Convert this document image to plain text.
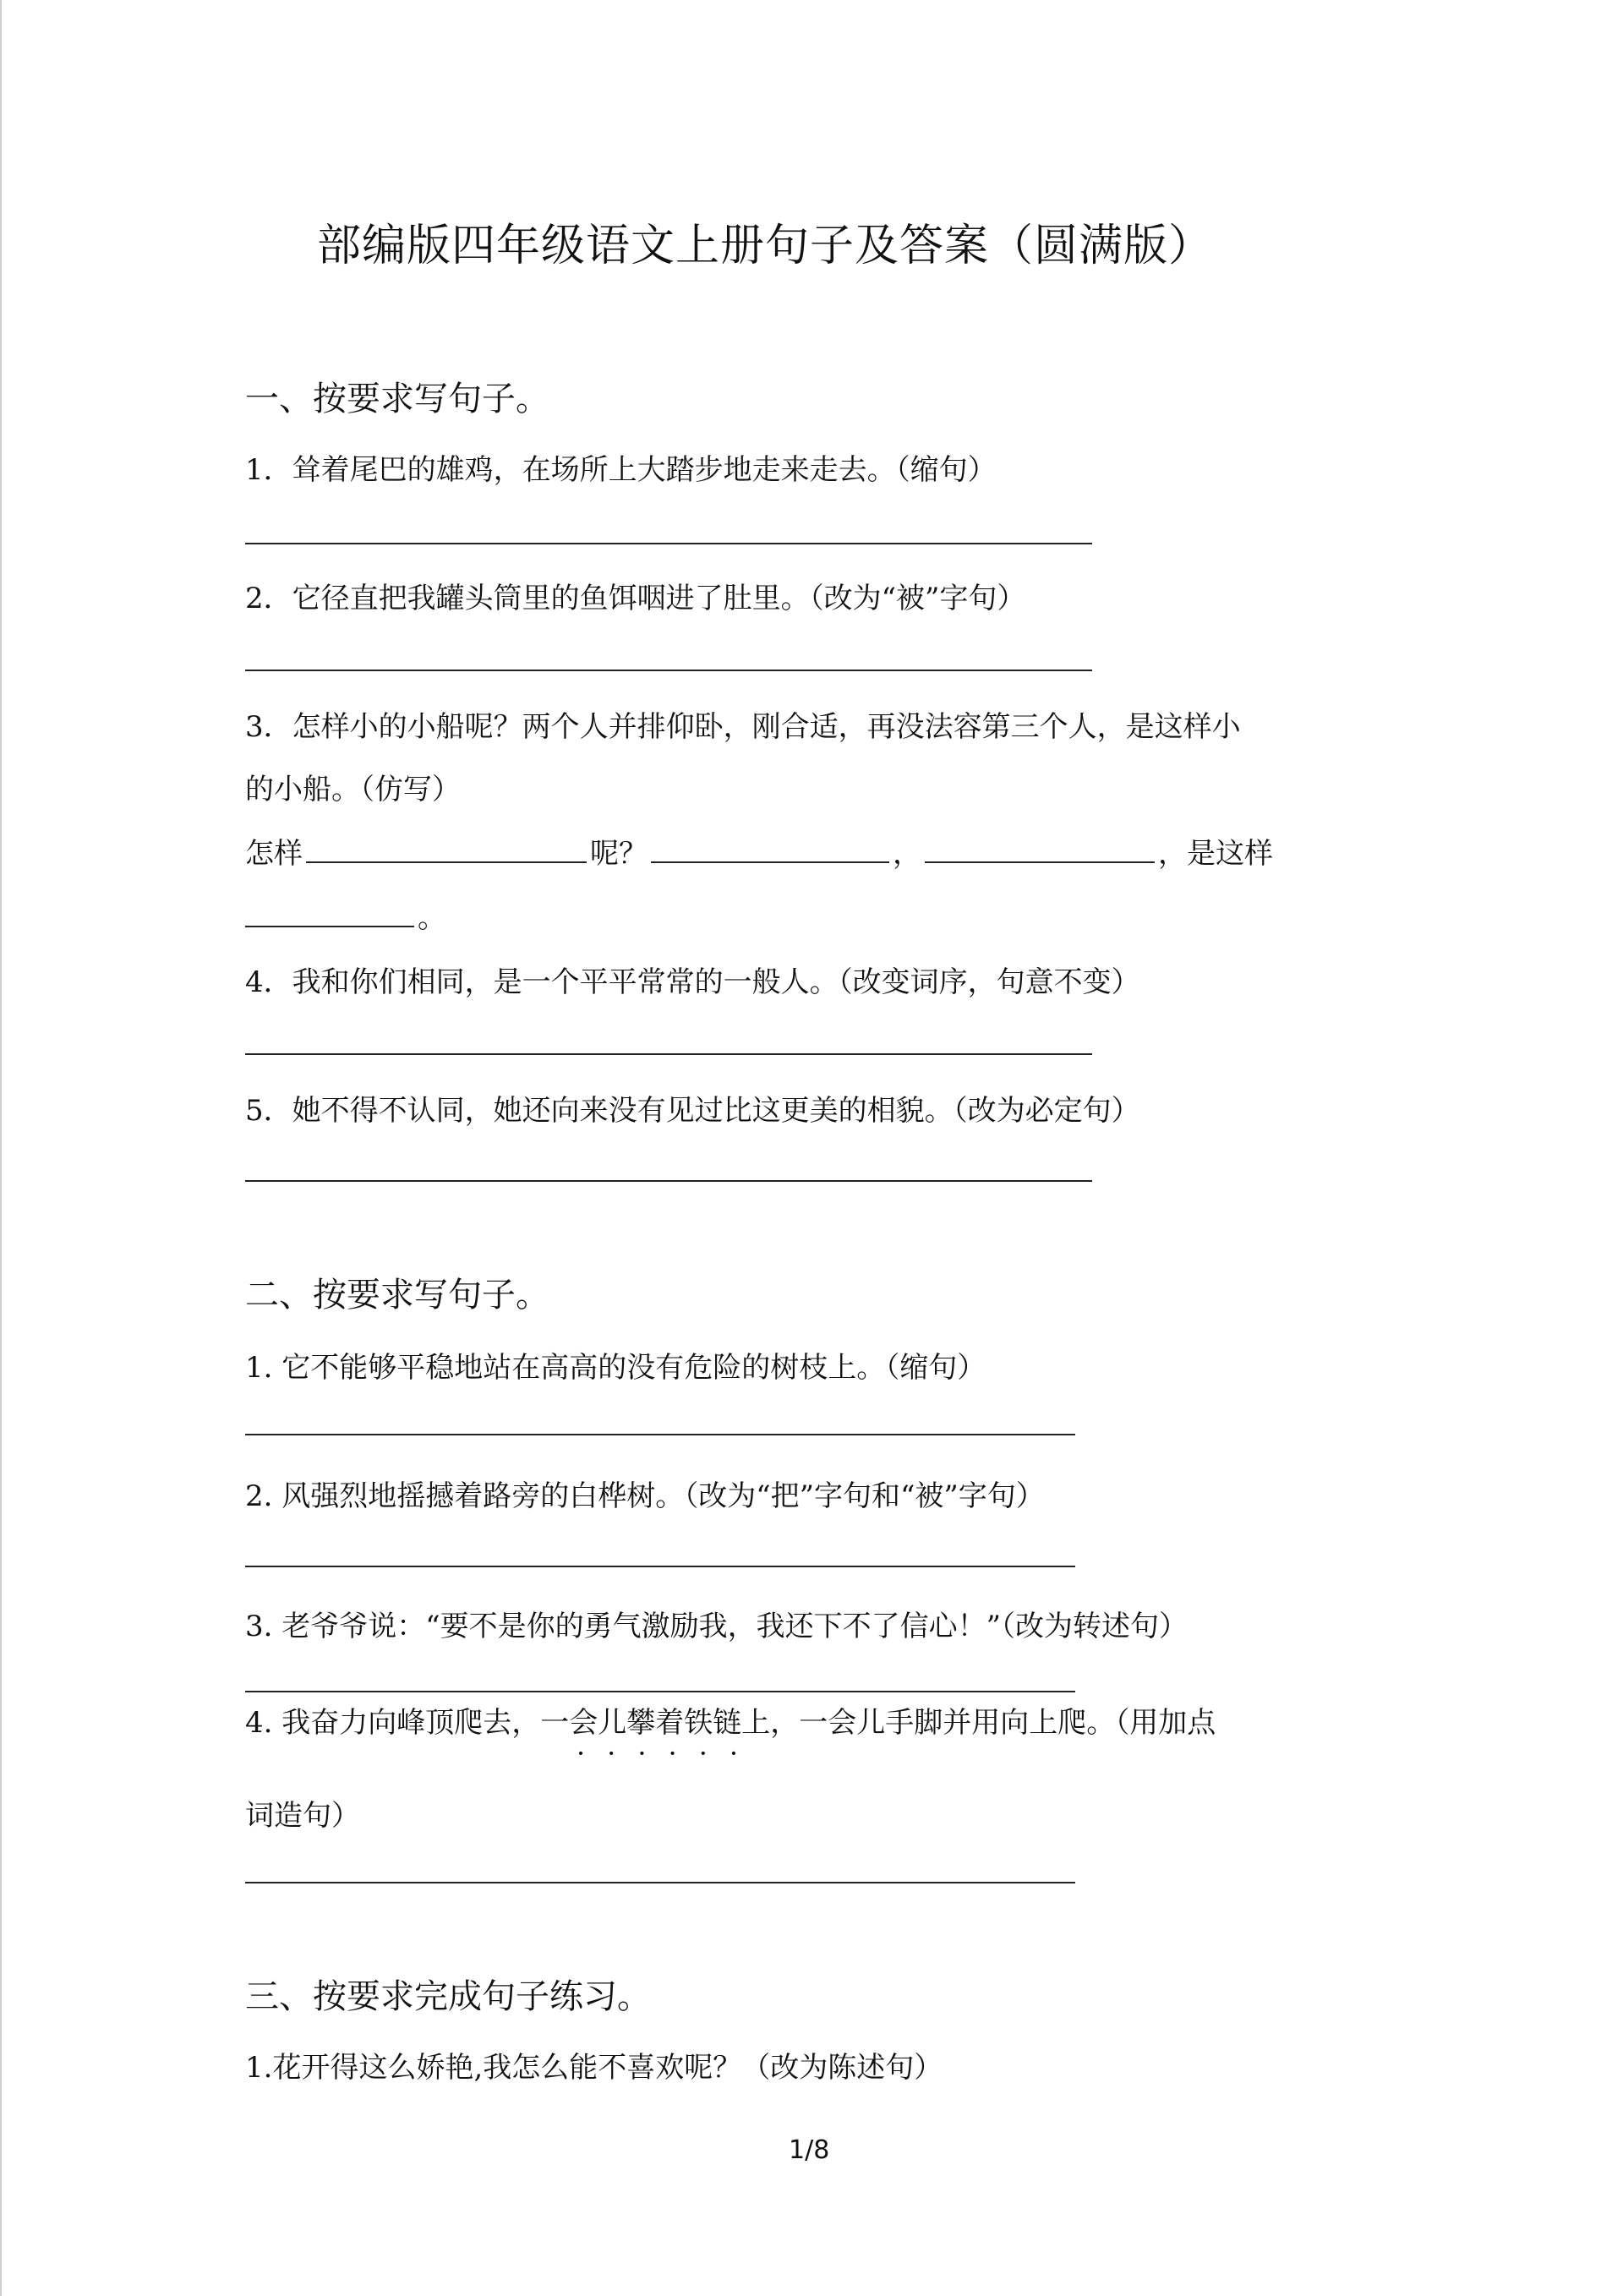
部编版四年级语文上册句子及答案（圆满版）
一、按要求写句子。
1．耸着尾巴的雄鸡，在场所上大踏步地走来走去。（缩句）
2．它径直把我罐头筒里的鱼饵咽进了肚里。（改为“被”字句）
3．怎样小的小船呢？两个人并排仰卧，刚合适，再没法容第三个人，是这样小
的小船。（仿写）
怎样	呢？	，	，是这样
。
4．我和你们相同，是一个平平常常的一般人。（改变词序，句意不变）
5．她不得不认同，她还向来没有见过比这更美的相貌。（改为必定句）
二、按要求写句子。
1. 它不能够平稳地站在高高的没有危险的树枝上。（缩句）
2. 风强烈地摇撼着路旁的白桦树。（改为“把”字句和“被”字句）
3. 老爷爷说：“要不是你的勇气激励我，我还下不了信心！”（改为转述句）
4. 我奋力向峰顶爬去，一会儿攀着铁链上，一会儿手脚并用向上爬。（用加点
······
词造句）
三、按要求完成句子练习。
1.花开得这么娇艳,我怎么能不喜欢呢？（改为陈述句）
1/8
